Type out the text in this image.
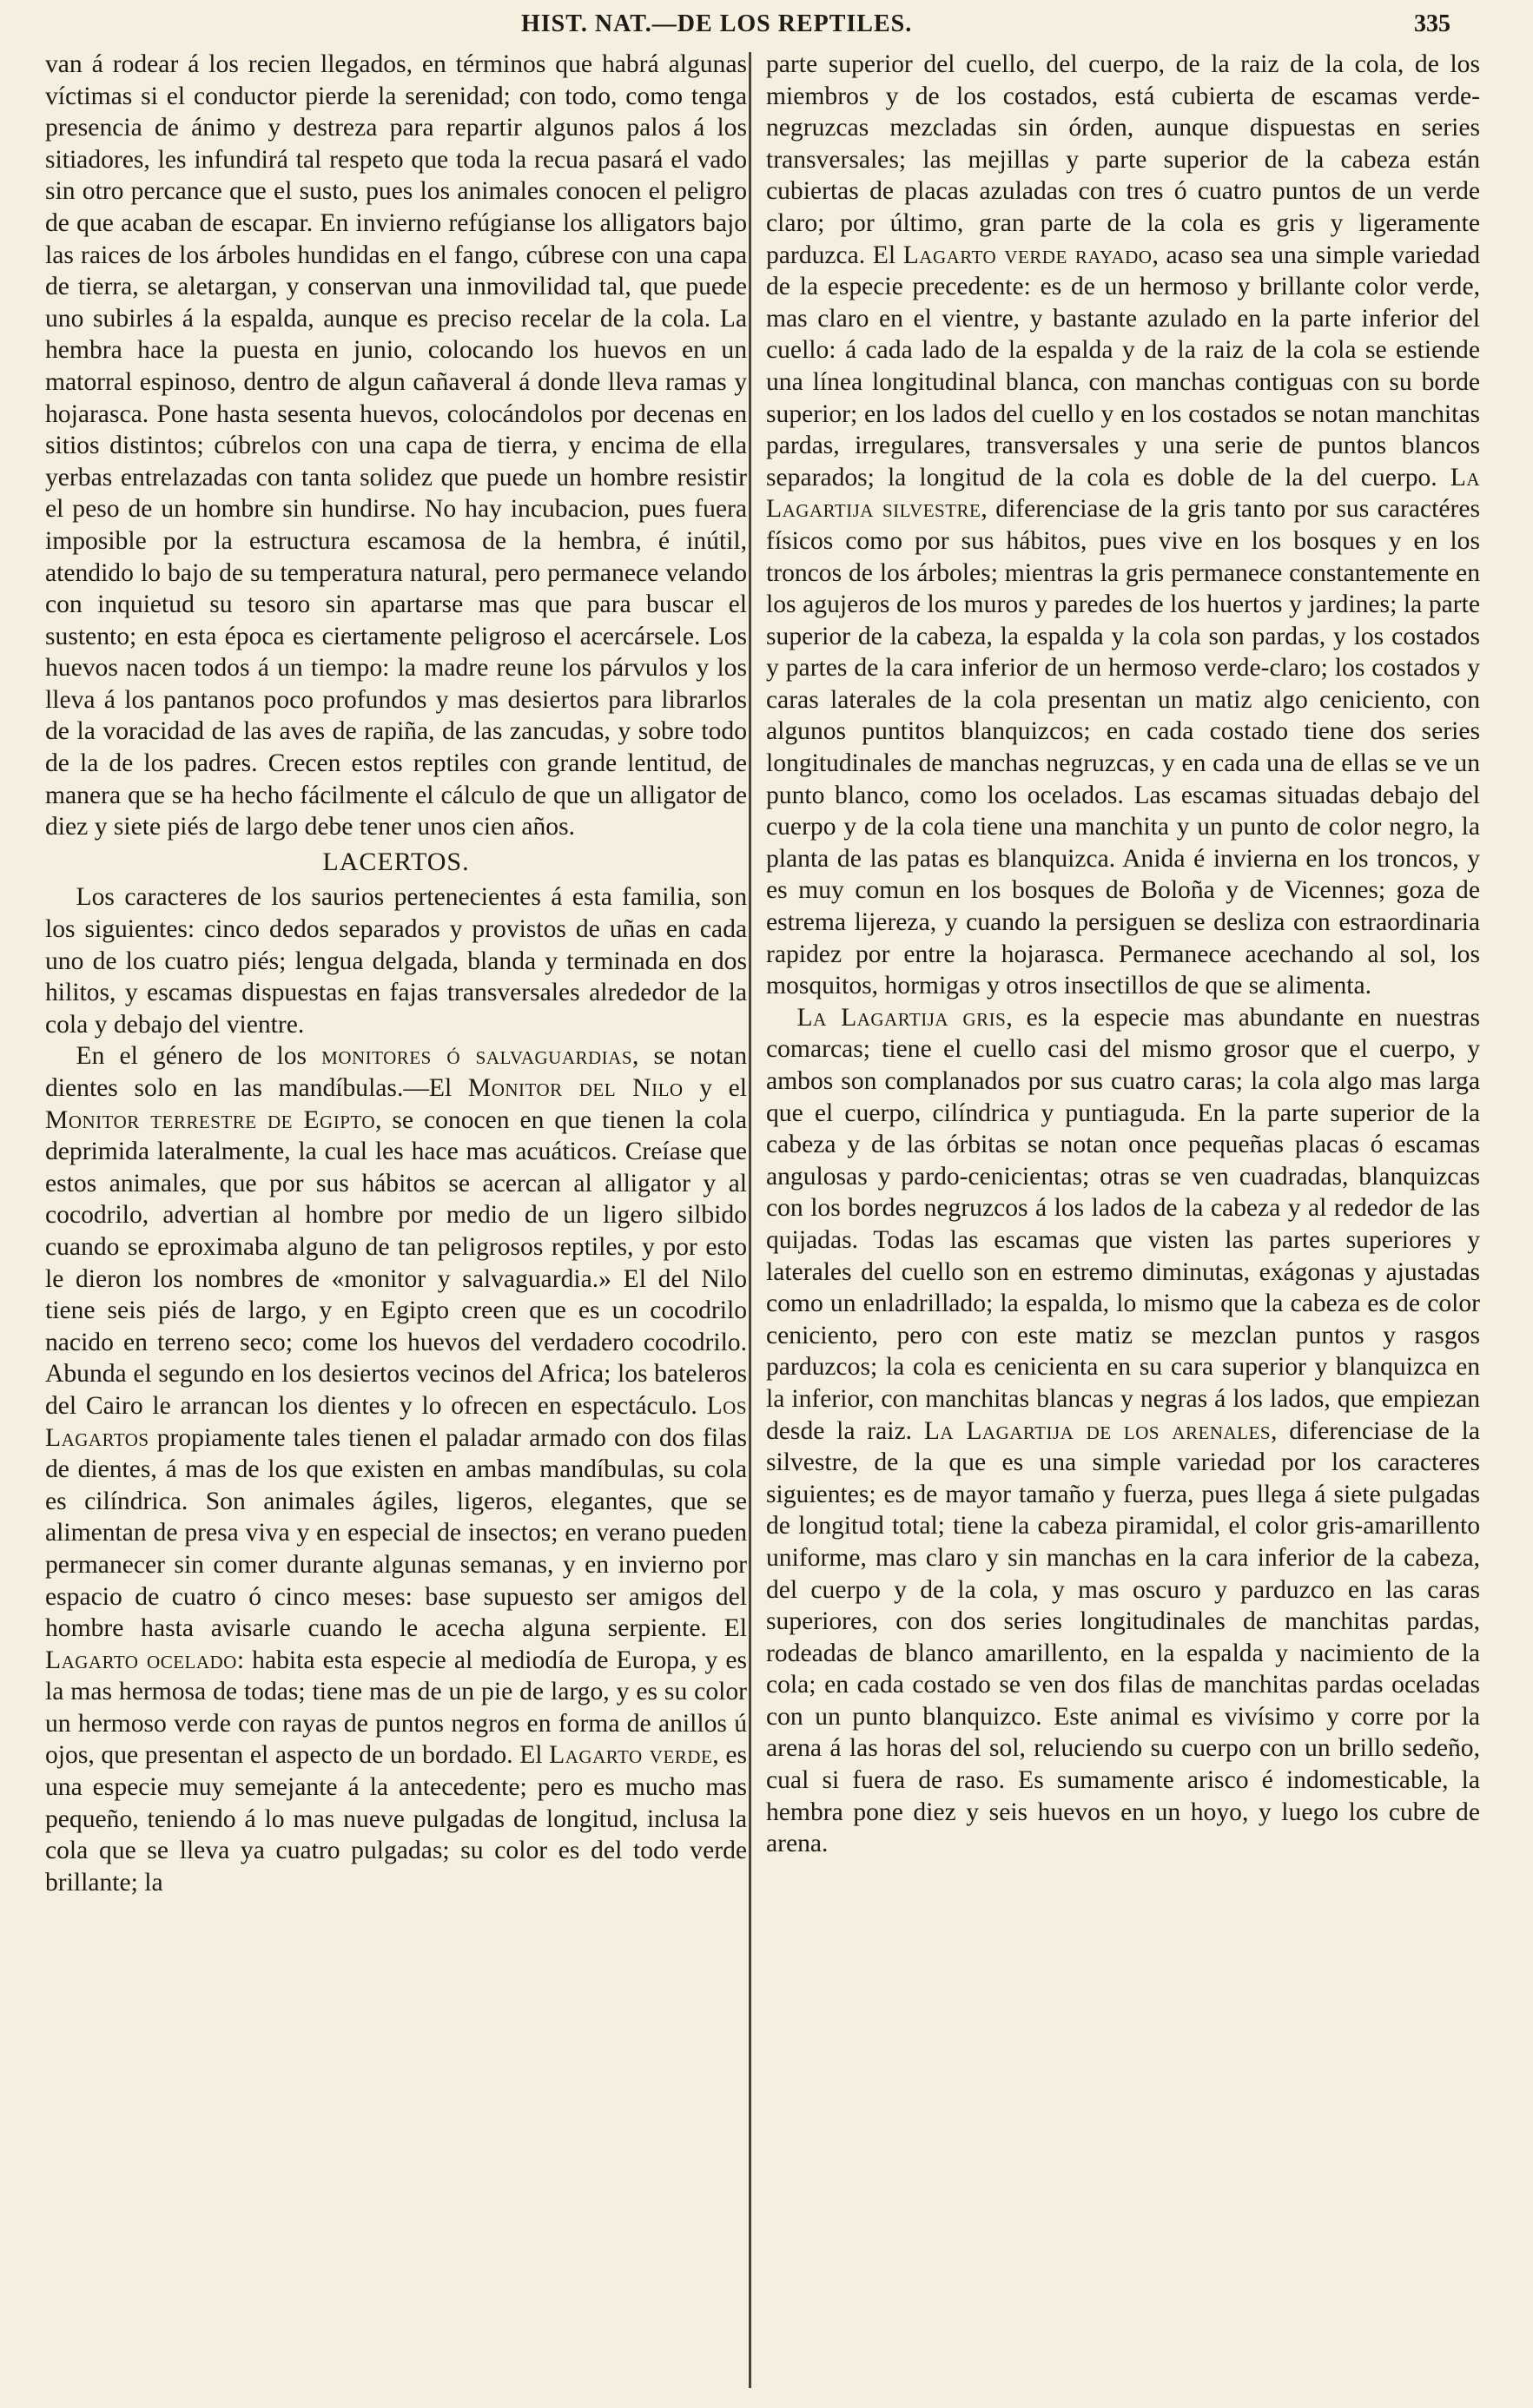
HIST. NAT.—DE LOS REPTILES.	335

van á rodear á los recien llegados, en términos que habrá algunas víctimas si el conductor pierde la serenidad; con todo, como tenga presencia de ánimo y destreza para repartir algunos palos á los sitiadores, les infundirá tal respeto que toda la recua pasará el vado sin otro percance que el susto, pues los animales conocen el peligro de que acaban de escapar. En invierno refúgianse los alligators bajo las raices de los árboles hundidas en el fango, cúbrese con una capa de tierra, se aletargan, y conservan una inmovilidad tal, que puede uno subirles á la espalda, aunque es preciso recelar de la cola. La hembra hace la puesta en junio, colocando los huevos en un matorral espinoso, dentro de algun cañaveral á donde lleva ramas y hojarasca. Pone hasta sesenta huevos, colocándolos por decenas en sitios distintos; cúbrelos con una capa de tierra, y encima de ella yerbas entrelazadas con tanta solidez que puede un hombre resistir el peso de un hombre sin hundirse. No hay incubacion, pues fuera imposible por la estructura escamosa de la hembra, é inútil, atendido lo bajo de su temperatura natural, pero permanece velando con inquietud su tesoro sin apartarse mas que para buscar el sustento; en esta época es ciertamente peligroso el acercársele. Los huevos nacen todos á un tiempo: la madre reune los párvulos y los lleva á los pantanos poco profundos y mas desiertos para librarlos de la voracidad de las aves de rapiña, de las zancudas, y sobre todo de la de los padres. Crecen estos reptiles con grande lentitud, de manera que se ha hecho fácilmente el cálculo de que un alligator de diez y siete piés de largo debe tener unos cien años.

LACERTOS.

Los caracteres de los saurios pertenecientes á esta familia, son los siguientes: cinco dedos separados y provistos de uñas en cada uno de los cuatro piés; lengua delgada, blanda y terminada en dos hilitos, y escamas dispuestas en fajas transversales alrededor de la cola y debajo del vientre.

En el género de los monitores ó salvaguardias, se notan dientes solo en las mandíbulas.—El Monitor del Nilo y el Monitor terrestre de Egipto, se conocen en que tienen la cola deprimida lateralmente, la cual les hace mas acuáticos. Creíase que estos animales, que por sus hábitos se acercan al alligator y al cocodrilo, advertian al hombre por medio de un ligero silbido cuando se eproximaba alguno de tan peligrosos reptiles, y por esto le dieron los nombres de «monitor y salvaguardia.» El del Nilo tiene seis piés de largo, y en Egipto creen que es un cocodrilo nacido en terreno seco; come los huevos del verdadero cocodrilo. Abunda el segundo en los desiertos vecinos del Africa; los bateleros del Cairo le arrancan los dientes y lo ofrecen en espectáculo. Los Lagartos propiamente tales tienen el paladar armado con dos filas de dientes, á mas de los que existen en ambas mandíbulas, su cola es cilíndrica. Son animales ágiles, ligeros, elegantes, que se alimentan de presa viva y en especial de insectos; en verano pueden permanecer sin comer durante algunas semanas, y en invierno por espacio de cuatro ó cinco meses: base supuesto ser amigos del hombre hasta avisarle cuando le acecha alguna serpiente. El Lagarto ocelado: habita esta especie al mediodía de Europa, y es la mas hermosa de todas; tiene mas de un pie de largo, y es su color un hermoso verde con rayas de puntos negros en forma de anillos ú ojos, que presentan el aspecto de un bordado. El Lagarto verde, es una especie muy semejante á la antecedente; pero es mucho mas pequeño, teniendo á lo mas nueve pulgadas de longitud, inclusa la cola que se lleva ya cuatro pulgadas; su color es del todo verde brillante; la

parte superior del cuello, del cuerpo, de la raiz de la cola, de los miembros y de los costados, está cubierta de escamas verde-negruzcas mezcladas sin órden, aunque dispuestas en series transversales; las mejillas y parte superior de la cabeza están cubiertas de placas azuladas con tres ó cuatro puntos de un verde claro; por último, gran parte de la cola es gris y ligeramente parduzca. El Lagarto verde rayado, acaso sea una simple variedad de la especie precedente: es de un hermoso y brillante color verde, mas claro en el vientre, y bastante azulado en la parte inferior del cuello: á cada lado de la espalda y de la raiz de la cola se estiende una línea longitudinal blanca, con manchas contiguas con su borde superior; en los lados del cuello y en los costados se notan manchitas pardas, irregulares, transversales y una serie de puntos blancos separados; la longitud de la cola es doble de la del cuerpo. La Lagartija silvestre, diferenciase de la gris tanto por sus caractéres físicos como por sus hábitos, pues vive en los bosques y en los troncos de los árboles; mientras la gris permanece constantemente en los agujeros de los muros y paredes de los huertos y jardines; la parte superior de la cabeza, la espalda y la cola son pardas, y los costados y partes de la cara inferior de un hermoso verde-claro; los costados y caras laterales de la cola presentan un matiz algo ceniciento, con algunos puntitos blanquizcos; en cada costado tiene dos series longitudinales de manchas negruzcas, y en cada una de ellas se ve un punto blanco, como los ocelados. Las escamas situadas debajo del cuerpo y de la cola tiene una manchita y un punto de color negro, la planta de las patas es blanquizca. Anida é invierna en los troncos, y es muy comun en los bosques de Boloña y de Vicennes; goza de estrema lijereza, y cuando la persiguen se desliza con estraordinaria rapidez por entre la hojarasca. Permanece acechando al sol, los mosquitos, hormigas y otros insectillos de que se alimenta.

La Lagartija gris, es la especie mas abundante en nuestras comarcas; tiene el cuello casi del mismo grosor que el cuerpo, y ambos son complanados por sus cuatro caras; la cola algo mas larga que el cuerpo, cilíndrica y puntiaguda. En la parte superior de la cabeza y de las órbitas se notan once pequeñas placas ó escamas angulosas y pardo-cenicientas; otras se ven cuadradas, blanquizcas con los bordes negruzcos á los lados de la cabeza y al rededor de las quijadas. Todas las escamas que visten las partes superiores y laterales del cuello son en estremo diminutas, exágonas y ajustadas como un enladrillado; la espalda, lo mismo que la cabeza es de color ceniciento, pero con este matiz se mezclan puntos y rasgos parduzcos; la cola es cenicienta en su cara superior y blanquizca en la inferior, con manchitas blancas y negras á los lados, que empiezan desde la raiz. La Lagartija de los arenales, diferenciase de la silvestre, de la que es una simple variedad por los caracteres siguientes; es de mayor tamaño y fuerza, pues llega á siete pulgadas de longitud total; tiene la cabeza piramidal, el color gris-amarillento uniforme, mas claro y sin manchas en la cara inferior de la cabeza, del cuerpo y de la cola, y mas oscuro y parduzco en las caras superiores, con dos series longitudinales de manchitas pardas, rodeadas de blanco amarillento, en la espalda y nacimiento de la cola; en cada costado se ven dos filas de manchitas pardas oceladas con un punto blanquizco. Este animal es vivísimo y corre por la arena á las horas del sol, reluciendo su cuerpo con un brillo sedeño, cual si fuera de raso. Es sumamente arisco é indomesticable, la hembra pone diez y seis huevos en un hoyo, y luego los cubre de arena.
